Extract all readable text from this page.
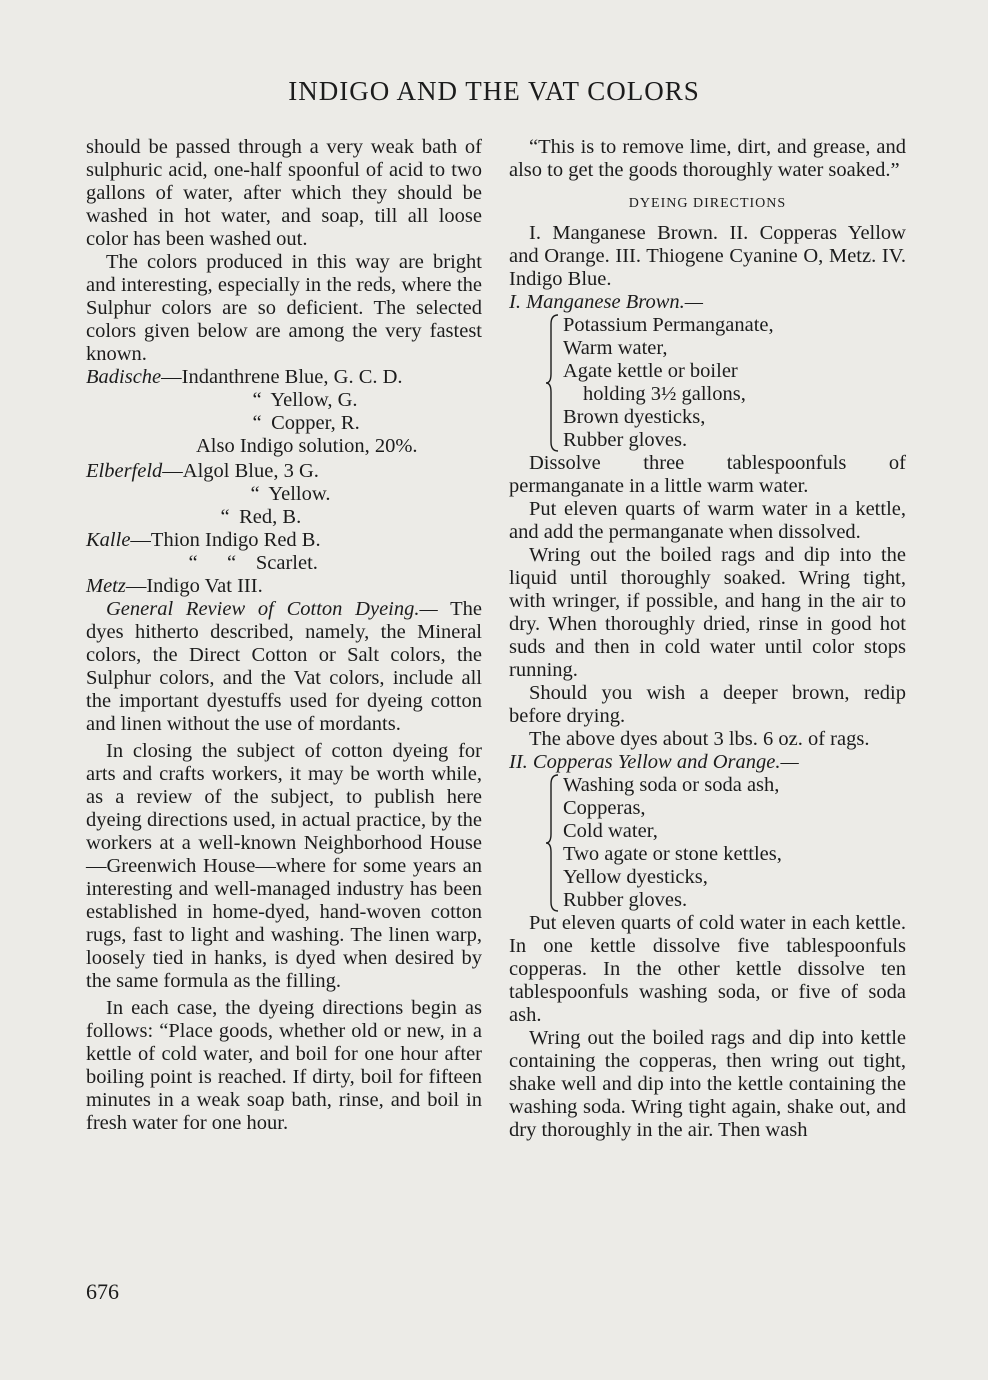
INDIGO AND THE VAT COLORS

should be passed through a very weak bath of sulphuric acid, one-half spoonful of acid to two gallons of water, after which they should be washed in hot water, and soap, till all loose color has been washed out.

The colors produced in this way are bright and interesting, especially in the reds, where the Sulphur colors are so deficient. The selected colors given below are among the very fastest known.

Badische—Indanthrene Blue, G. C. D.

“ Yellow, G.

“ Copper, R.

Also Indigo solution, 20%.

Elberfeld—Algol Blue, 3 G.

“ Yellow.

“ Red, B.

Kalle—Thion Indigo Red B.

“ “ Scarlet.

Metz—Indigo Vat III.

General Review of Cotton Dyeing.— The dyes hitherto described, namely, the Mineral colors, the Direct Cotton or Salt colors, the Sulphur colors, and the Vat colors, include all the important dyestuffs used for dyeing cotton and linen without the use of mordants.

In closing the subject of cotton dyeing for arts and crafts workers, it may be worth while, as a review of the subject, to publish here dyeing directions used, in actual practice, by the workers at a well-known Neighborhood House —Greenwich House—where for some years an interesting and well-managed industry has been established in home-dyed, hand-woven cotton rugs, fast to light and washing. The linen warp, loosely tied in hanks, is dyed when desired by the same formula as the filling.

In each case, the dyeing directions begin as follows: “Place goods, whether old or new, in a kettle of cold water, and boil for one hour after boiling point is reached. If dirty, boil for fifteen minutes in a weak soap bath, rinse, and boil in fresh water for one hour.

“This is to remove lime, dirt, and grease, and also to get the goods thoroughly water soaked.”

DYEING DIRECTIONS

I. Manganese Brown. II. Copperas Yellow and Orange. III. Thiogene Cyanine O, Metz. IV. Indigo Blue.

I. Manganese Brown.—

Potassium Permanganate,
Warm water,
Agate kettle or boiler
holding 3½ gallons,
Brown dyesticks,
Rubber gloves.

Dissolve three tablespoonfuls of permanganate in a little warm water.

Put eleven quarts of warm water in a kettle, and add the permanganate when dissolved.

Wring out the boiled rags and dip into the liquid until thoroughly soaked. Wring tight, with wringer, if possible, and hang in the air to dry. When thoroughly dried, rinse in good hot suds and then in cold water until color stops running.

Should you wish a deeper brown, redip before drying.

The above dyes about 3 lbs. 6 oz. of rags.

II. Copperas Yellow and Orange.—

Washing soda or soda ash,
Copperas,
Cold water,
Two agate or stone kettles,
Yellow dyesticks,
Rubber gloves.

Put eleven quarts of cold water in each kettle. In one kettle dissolve five tablespoonfuls copperas. In the other kettle dissolve ten tablespoonfuls washing soda, or five of soda ash.

Wring out the boiled rags and dip into kettle containing the copperas, then wring out tight, shake well and dip into the kettle containing the washing soda. Wring tight again, shake out, and dry thoroughly in the air. Then wash

676
